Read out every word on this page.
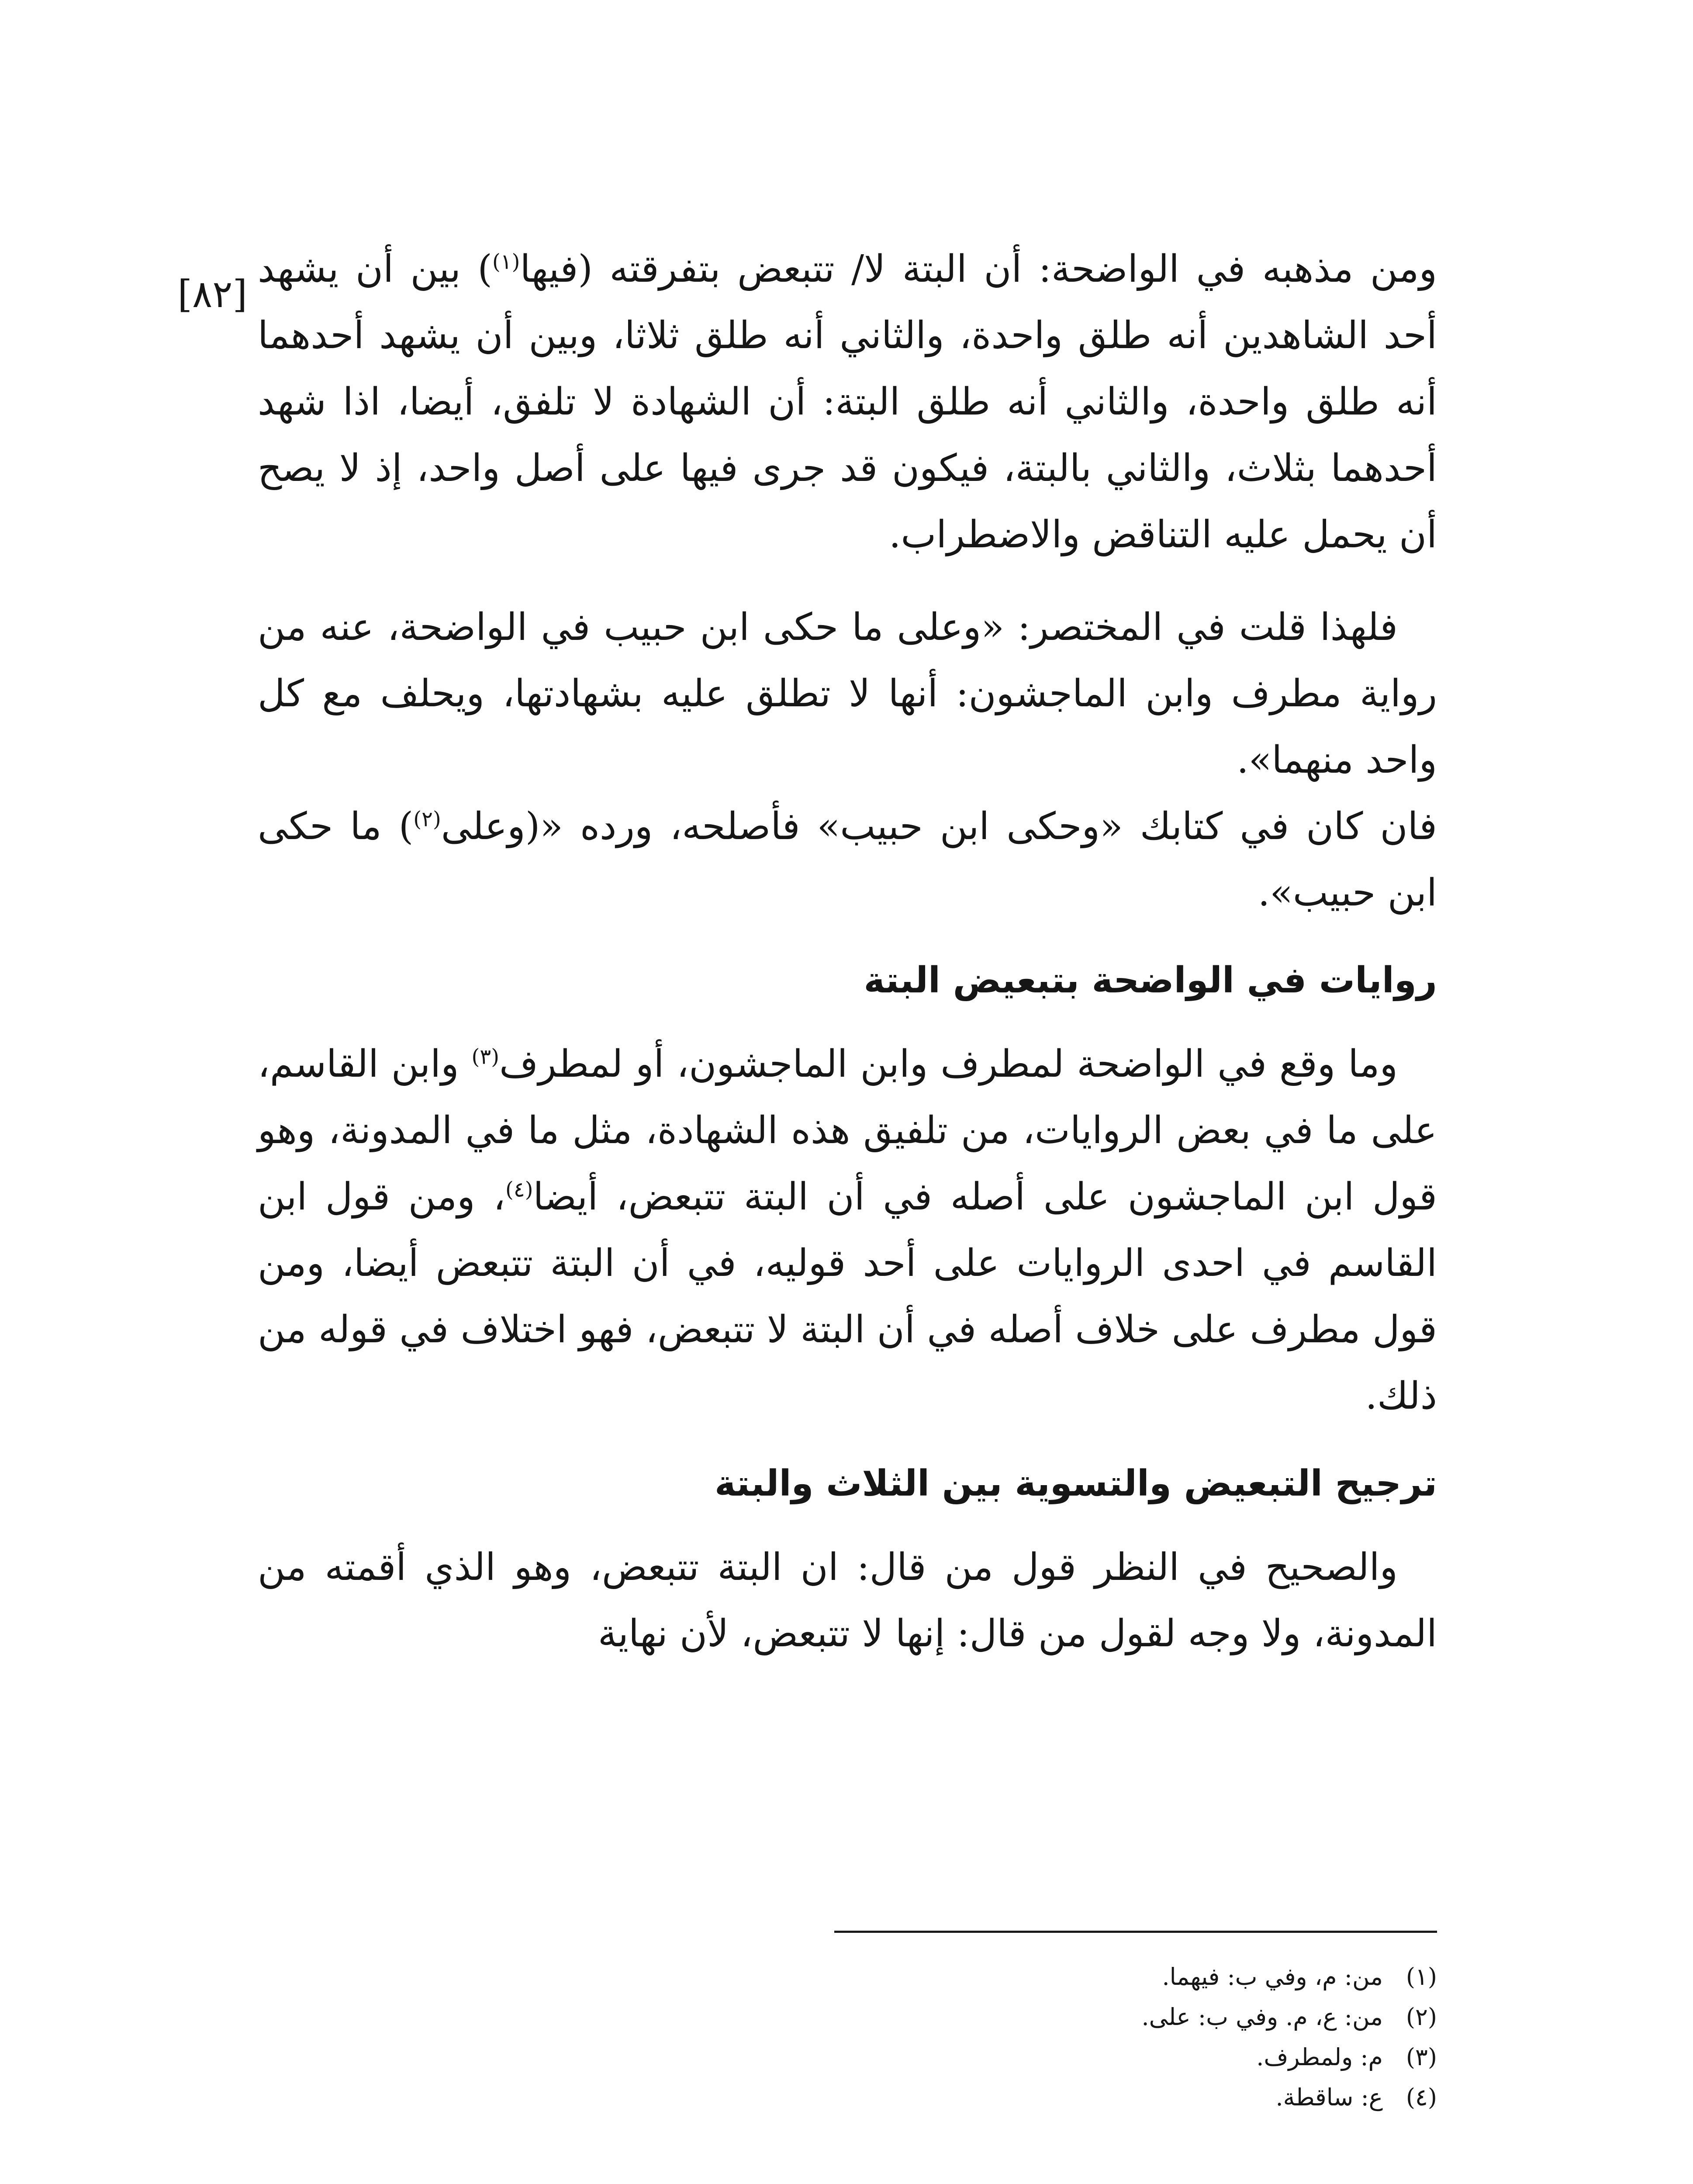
[٨٢]

ومن مذهبه في الواضحة: أن البتة لا/ تتبعض بتفرقته (فيها$^{(١)}$) بين أن يشهد أحد الشاهدين أنه طلق واحدة، والثاني أنه طلق ثلاثا، وبين أن يشهد أحدهما أنه طلق واحدة، والثاني أنه طلق البتة: أن الشهادة لا تلفق، أيضا، اذا شهد أحدهما بثلاث، والثاني بالبتة، فيكون قد جرى فيها على أصل واحد، إذ لا يصح أن يحمل عليه التناقض والاضطراب.

فلهذا قلت في المختصر: «وعلى ما حكى ابن حبيب في الواضحة، عنه من رواية مطرف وابن الماجشون: أنها لا تطلق عليه بشهادتها، ويحلف مع كل واحد منهما».

فان كان في كتابك «وحكى ابن حبيب» فأصلحه، ورده «(وعلى$^{(٢)}$) ما حكى ابن حبيب».

روايات في الواضحة بتبعيض البتة

وما وقع في الواضحة لمطرف وابن الماجشون، أو لمطرف$^{(٣)}$ وابن القاسم، على ما في بعض الروايات، من تلفيق هذه الشهادة، مثل ما في المدونة، وهو قول ابن الماجشون على أصله في أن البتة تتبعض، أيضا$^{(٤)}$، ومن قول ابن القاسم في احدى الروايات على أحد قوليه، في أن البتة تتبعض أيضا، ومن قول مطرف على خلاف أصله في أن البتة لا تتبعض، فهو اختلاف في قوله من ذلك.

ترجيح التبعيض والتسوية بين الثلاث والبتة

والصحيح في النظر قول من قال: ان البتة تتبعض، وهو الذي أقمته من المدونة، ولا وجه لقول من قال: إنها لا تتبعض، لأن نهاية

(١)
من: م، وفي ب: فيهما.
(٢)
من: ع، م. وفي ب: على.
(٣)
م: ولمطرف.
(٤)
ع: ساقطة.
